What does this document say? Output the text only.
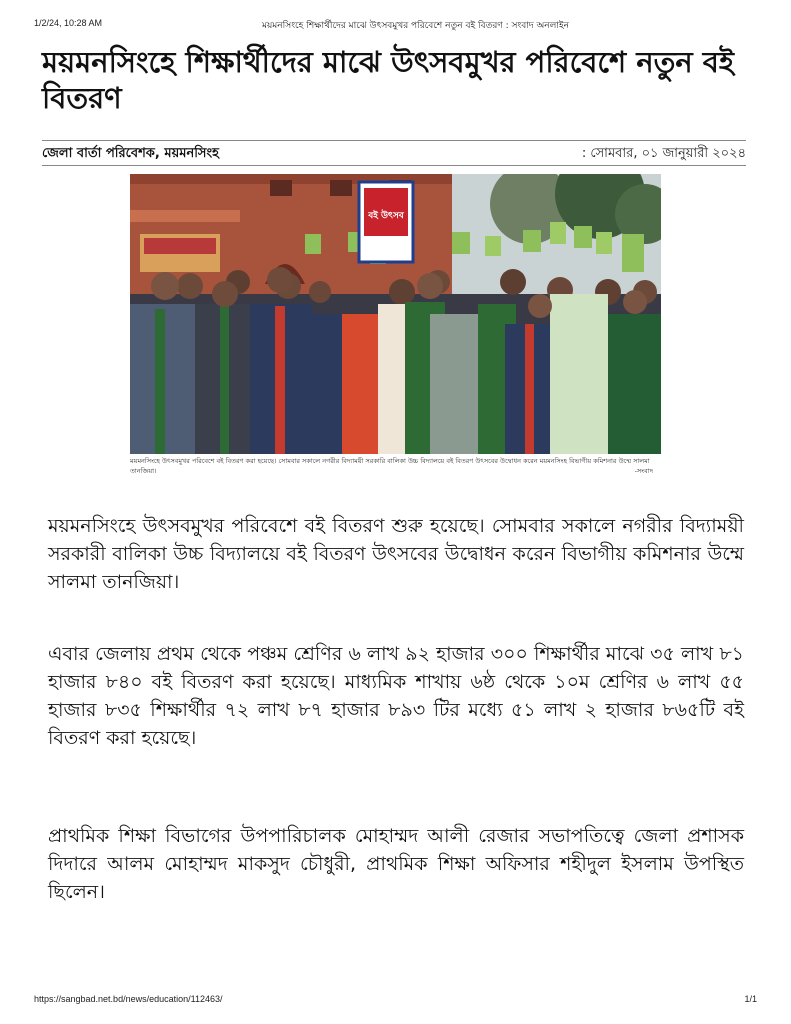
1/2/24, 10:28 AM	ময়মনসিংহে শিক্ষার্থীদের মাঝে উৎসবমুখর পরিবেশে নতুন বই বিতরণ : সংবাদ অনলাইন
ময়মনসিংহে শিক্ষার্থীদের মাঝে উৎসবমুখর পরিবেশে নতুন বই বিতরণ
জেলা বার্তা পরিবেশক, ময়মনসিংহ	: সোমবার, ০১ জানুয়ারী ২০২৪
বই উৎসব
ময়মনসিংহে উৎসবমুখর পরিবেশে বই বিতরণ করা হয়েছে। সোমবার সকালে নগরীর বিদ্যাময়ী সরকারি বালিকা উচ্চ বিদ্যালয়ে বই বিতরণ উৎসবের উদ্বোধন করেন ময়মনসিংহ বিভাগীয় কমিশনার উম্মে সালমা তানজিয়া।	-সংবাদ

ময়মনসিংহে উৎসবমুখর পরিবেশে বই বিতরণ শুরু হয়েছে। সোমবার সকালে নগরীর বিদ্যাময়ী সরকারী বালিকা উচ্চ বিদ্যালয়ে বই বিতরণ উৎসবের উদ্বোধন করেন বিভাগীয় কমিশনার উম্মে সালমা তানজিয়া।

এবার জেলায় প্রথম থেকে পঞ্চম শ্রেণির ৬ লাখ ৯২ হাজার ৩০০ শিক্ষার্থীর মাঝে ৩৫ লাখ ৮১ হাজার ৮৪০ বই বিতরণ করা হয়েছে। মাধ্যমিক শাখায় ৬ষ্ঠ থেকে ১০ম শ্রেণির ৬ লাখ ৫৫ হাজার ৮৩৫ শিক্ষার্থীর ৭২ লাখ ৮৭ হাজার ৮৯৩ টির মধ্যে ৫১ লাখ ২ হাজার ৮৬৫টি বই বিতরণ করা হয়েছে।

প্রাথমিক শিক্ষা বিভাগের উপপারিচালক মোহাম্মদ আলী রেজার সভাপতিত্বে জেলা প্রশাসক দিদারে আলম মোহাম্মদ মাকসুদ চৌধুরী, প্রাথমিক শিক্ষা অফিসার শহীদুল ইসলাম উপস্থিত ছিলেন।

https://sangbad.net.bd/news/education/112463/	1/1
